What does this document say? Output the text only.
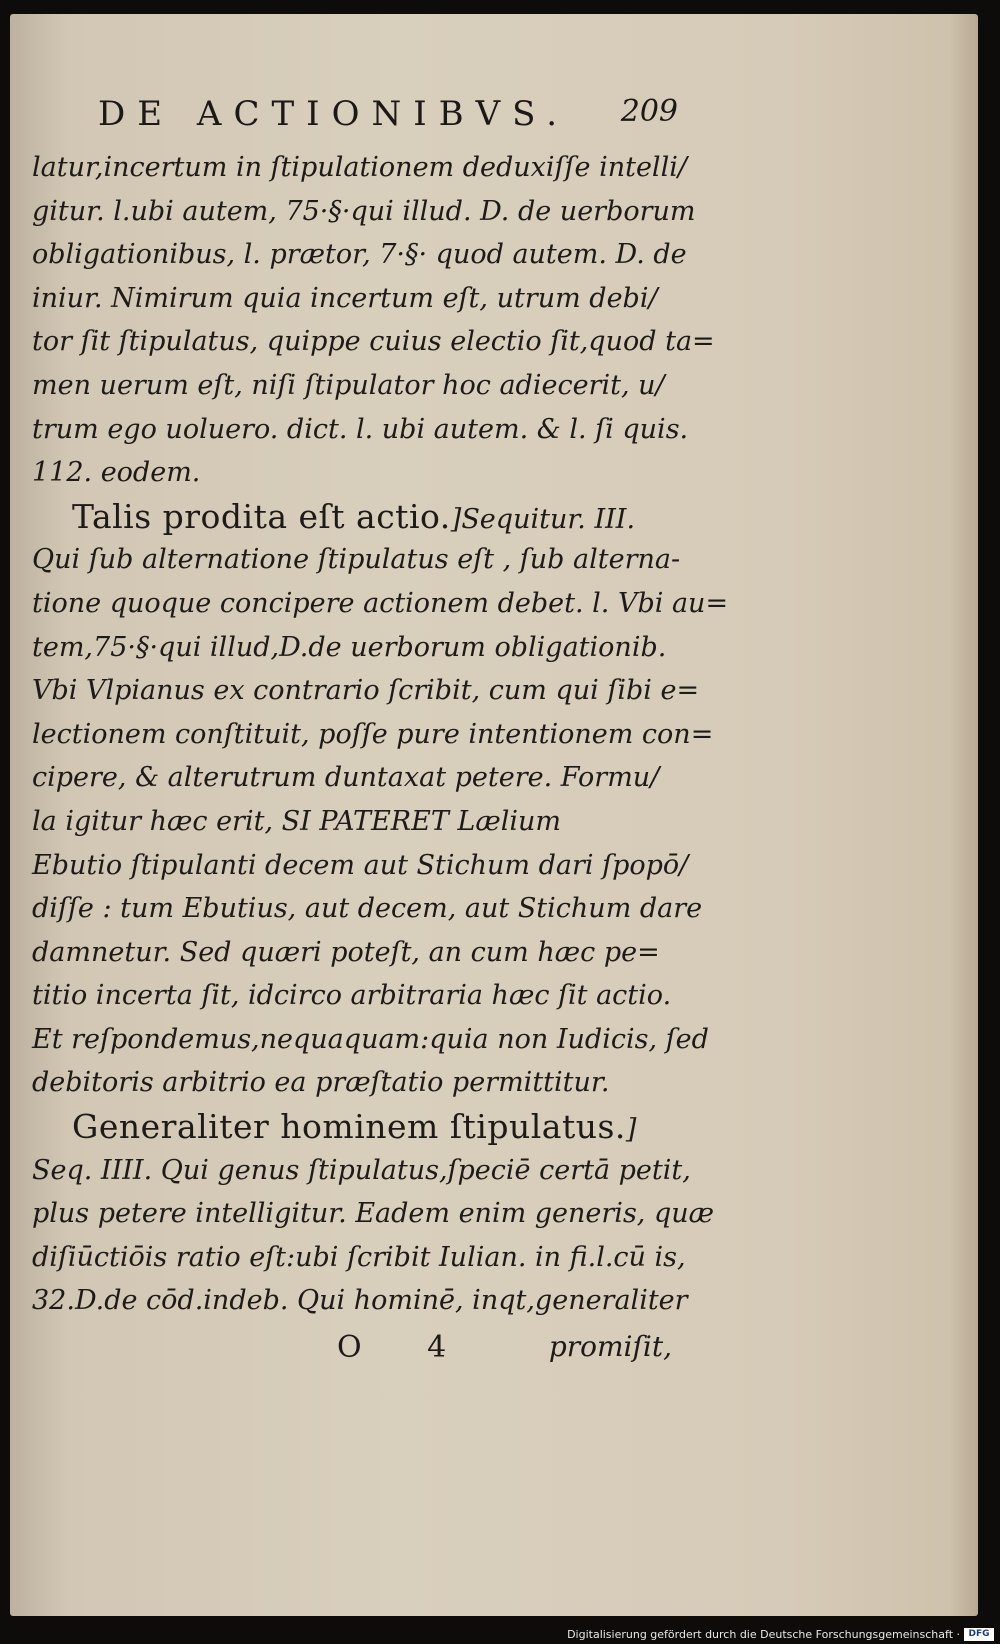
DE ACTIONIBVS. 209
latur,incertum in ſtipulationem deduxiſſe intelli/
gitur. l.ubi autem, 75·§·qui illud. D. de uerborum
obligationibus, l. prætor, 7·§· quod autem. D. de
iniur. Nimirum quia incertum eſt, utrum debi/
tor ſit ſtipulatus, quippe cuius electio ſit,quod ta=
men uerum eſt, niſi ſtipulator hoc adiecerit, u/
trum ego uoluero. dict. l. ubi autem. & l. ſi quis.
112. eodem.
Talis prodita eſt actio.]Sequitur. III.
Qui ſub alternatione ſtipulatus eſt , ſub alterna-
tione quoque concipere actionem debet. l. Vbi au=
tem,75·§·qui illud,D.de uerborum obligationib.
Vbi Vlpianus ex contrario ſcribit, cum qui ſibi e=
lectionem conſtituit, poſſe pure intentionem con=
cipere, & alterutrum duntaxat petere. Formu/
la igitur hæc erit, SI PATERET Lælium
Ebutio ſtipulanti decem aut Stichum dari ſpopō/
diſſe : tum Ebutius, aut decem, aut Stichum dare
damnetur. Sed quæri poteſt, an cum hæc pe=
titio incerta ſit, idcirco arbitraria hæc ſit actio.
Et reſpondemus,nequaquam:quia non Iudicis, ſed
debitoris arbitrio ea præſtatio permittitur.
Generaliter hominem ſtipulatus.]
Seq. IIII. Qui genus ſtipulatus,ſpeciē certā petit,
plus petere intelligitur. Eadem enim generis, quæ
diſiūctiōis ratio eſt:ubi ſcribit Iulian. in fi.l.cū is,
32.D.de cōd.indeb. Qui hominē, inqt,generaliter
O 4	promiſit,
Digitalisierung gefördert durch die Deutsche Forschungsgemeinschaft · DFG
